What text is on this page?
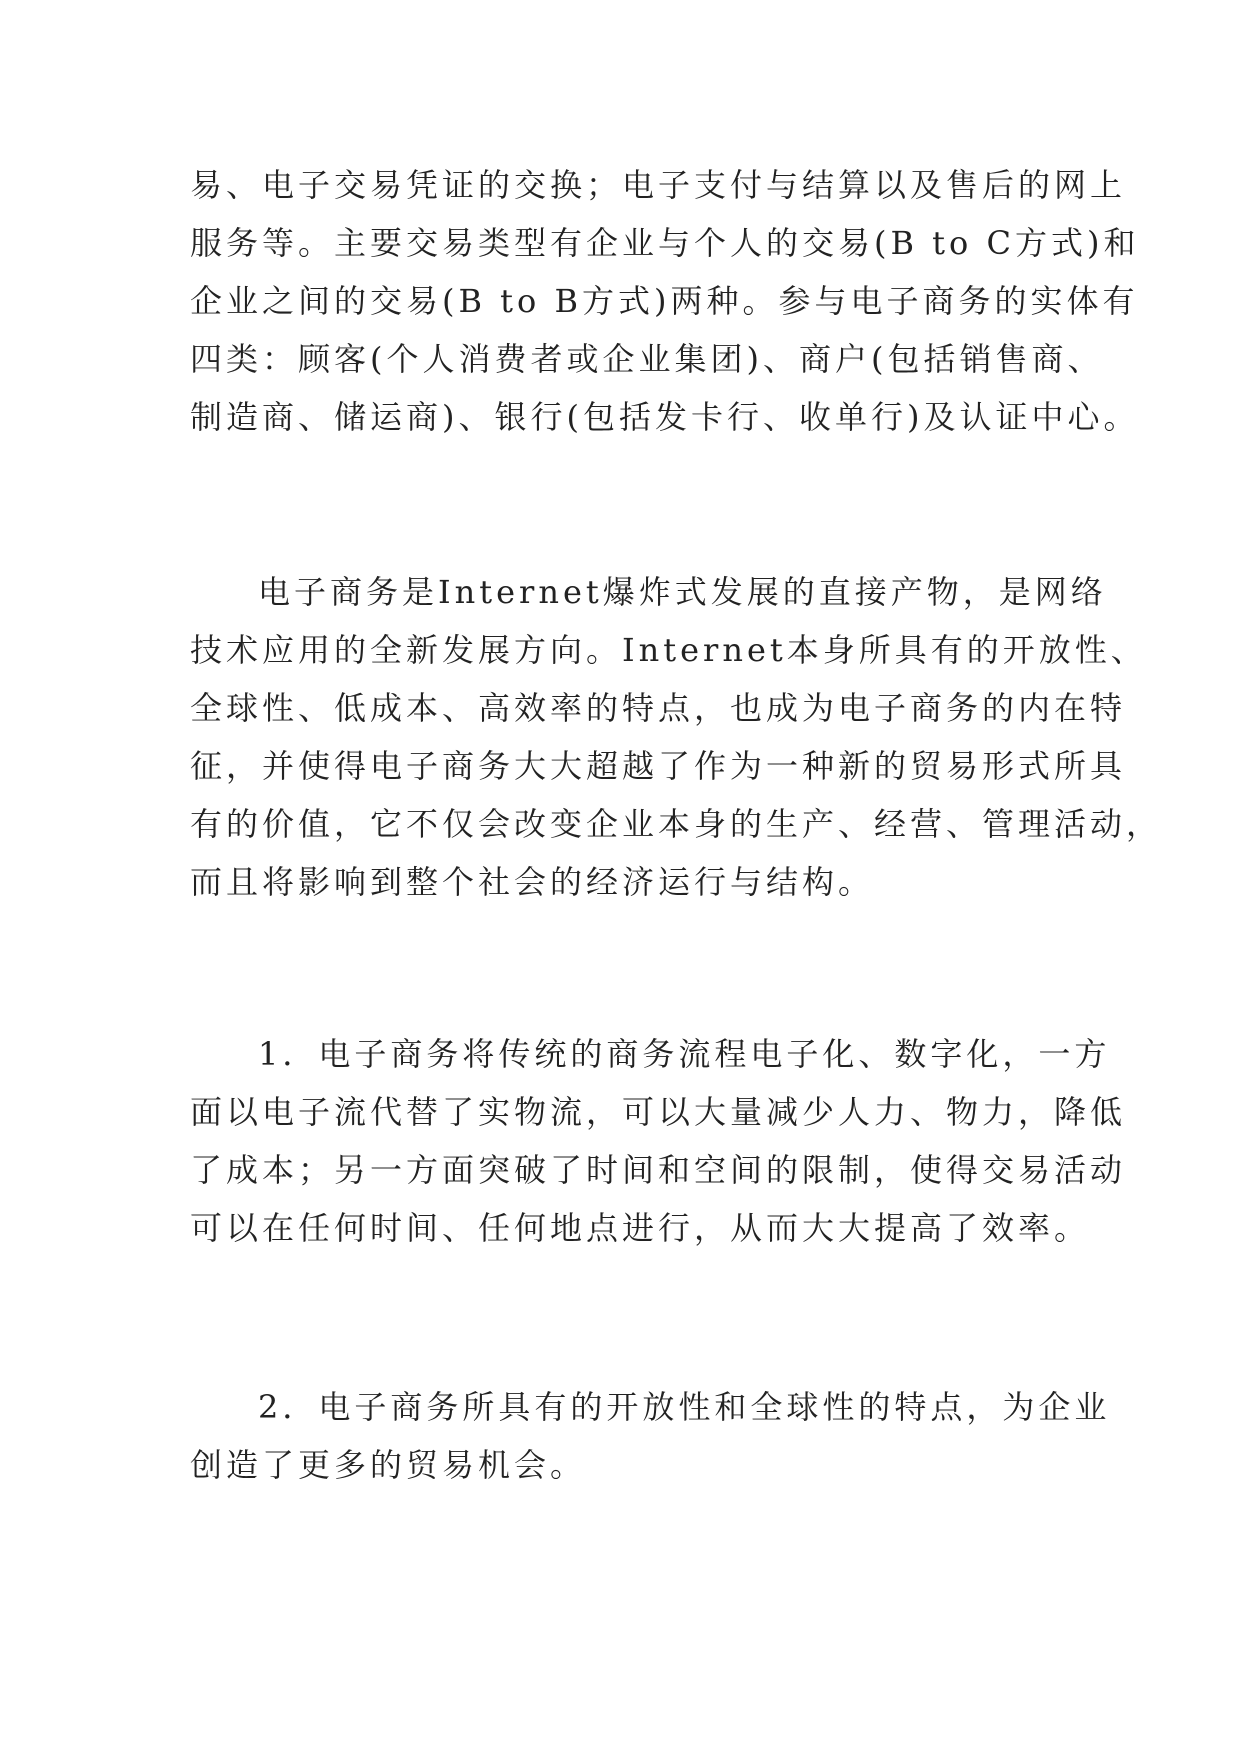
易、电子交易凭证的交换；电子支付与结算以及售后的网上
服务等。主要交易类型有企业与个人的交易(B to C方式)和
企业之间的交易(B to B方式)两种。参与电子商务的实体有
四类：顾客(个人消费者或企业集团)、商户(包括销售商、
制造商、储运商)、银行(包括发卡行、收单行)及认证中心。
电子商务是Internet爆炸式发展的直接产物，是网络
技术应用的全新发展方向。Internet本身所具有的开放性、
全球性、低成本、高效率的特点，也成为电子商务的内在特
征，并使得电子商务大大超越了作为一种新的贸易形式所具
有的价值，它不仅会改变企业本身的生产、经营、管理活动，
而且将影响到整个社会的经济运行与结构。
1．电子商务将传统的商务流程电子化、数字化，一方
面以电子流代替了实物流，可以大量减少人力、物力，降低
了成本；另一方面突破了时间和空间的限制，使得交易活动
可以在任何时间、任何地点进行，从而大大提高了效率。
2．电子商务所具有的开放性和全球性的特点，为企业
创造了更多的贸易机会。
